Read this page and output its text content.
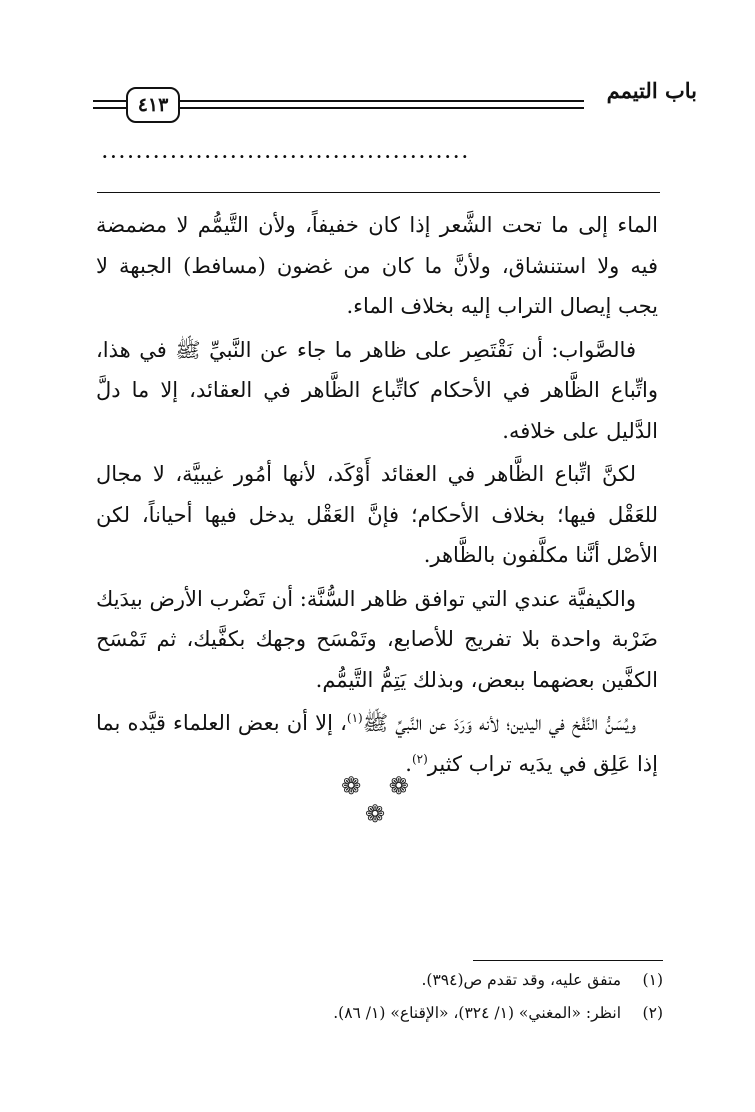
باب التيمم
٤١٣
...........................................

الماء إلى ما تحت الشَّعر إذا كان خفيفاً، ولأن التَّيمُّم لا مضمضة فيه ولا استنشاق، ولأنَّ ما كان من غضون (مسافط) الجبهة لا يجب إيصال التراب إليه بخلاف الماء.

فالصَّواب: أن نَقْتَصِر على ظاهر ما جاء عن النَّبيِّ ﷺ في هذا، واتِّباع الظَّاهر في الأحكام كاتِّباع الظَّاهر في العقائد، إلا ما دلَّ الدَّليل على خلافه.

لكنَّ اتِّباع الظَّاهر في العقائد أَوْكَد، لأنها أمُور غيبيَّة، لا مجال للعَقْل فيها؛ بخلاف الأحكام؛ فإنَّ العَقْل يدخل فيها أحياناً، لكن الأصْل أنَّنا مكلَّفون بالظَّاهر.

والكيفيَّة عندي التي توافق ظاهر السُّنَّة: أن تَضْرب الأرض بيدَيك ضَرْبة واحدة بلا تفريج للأصابع، وتَمْسَح وجهك بكفَّيك، ثم تَمْسَح الكفَّين بعضهما ببعض، وبذلك يَتِمُّ التَّيمُّم.

ويُسَنُّ النَّفْخ في اليدين؛ لأنه وَرَدَ عن النَّبيِّ ﷺ$^{(١)}$، إلا أن بعض العلماء قيَّده بما إذا عَلِق في يدَيه تراب كثير$^{(٢)}$.

❁ ❁ ❁
(١)
متفق عليه، وقد تقدم ص(٣٩٤).
(٢)
انظر: «المغني» (١/ ٣٢٤)، «الإقناع» (١/ ٨٦).
